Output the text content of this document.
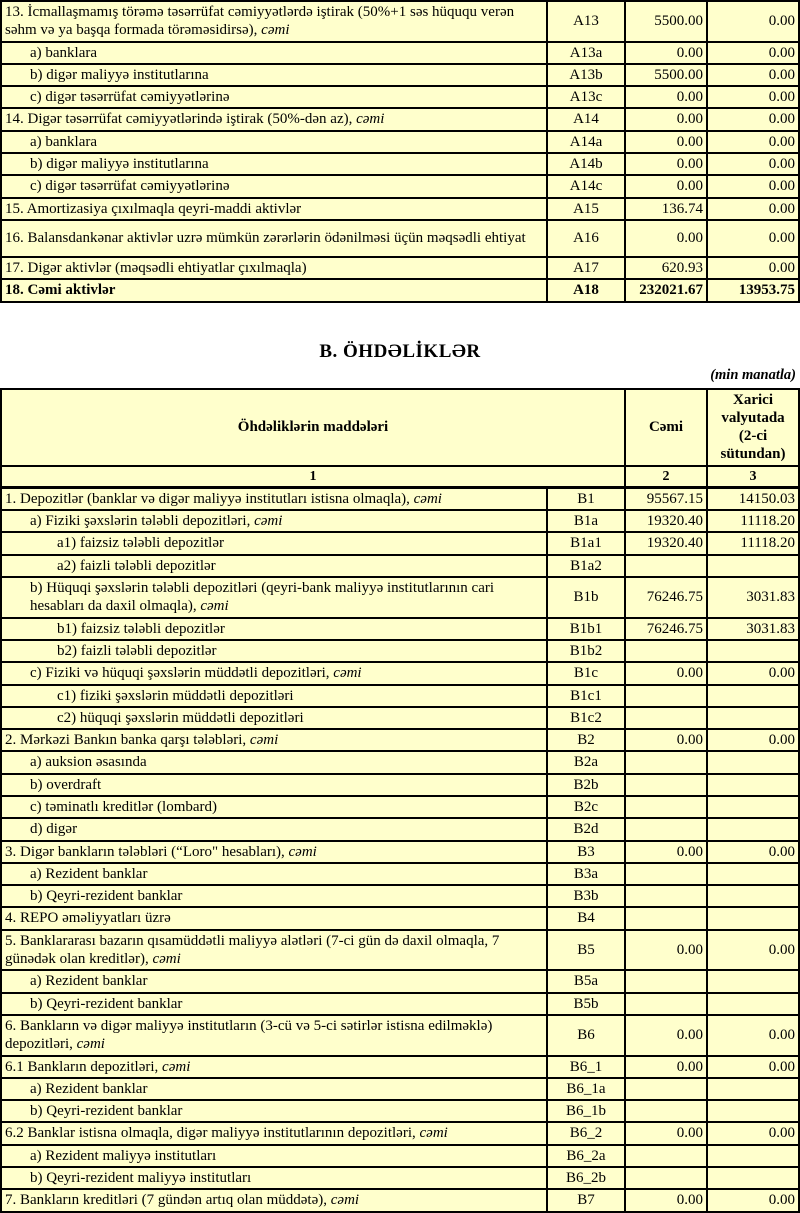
13. İcmallaşmamış törəmə təsərrüfat cəmiyyətlərdə iştirak (50%+1 səs hüququ verən səhm və ya başqa formada törəməsidirsə), cəmi	A13	5500.00	0.00
a) banklara	A13a	0.00	0.00
b) digər maliyyə institutlarına	A13b	5500.00	0.00
c) digər təsərrüfat cəmiyyətlərinə	A13c	0.00	0.00
14. Digər təsərrüfat cəmiyyətlərində iştirak (50%-dən az), cəmi	A14	0.00	0.00
a) banklara	A14a	0.00	0.00
b) digər maliyyə institutlarına	A14b	0.00	0.00
c) digər təsərrüfat cəmiyyətlərinə	A14c	0.00	0.00
15. Amortizasiya çıxılmaqla qeyri-maddi aktivlər	A15	136.74	0.00
16. Balansdankənar aktivlər uzrə mümkün zərərlərin ödənilməsi üçün məqsədli ehtiyat	A16	0.00	0.00
17. Digər aktivlər (məqsədli ehtiyatlar çıxılmaqla)	A17	620.93	0.00
18. Cəmi aktivlər	A18	232021.67	13953.75
B. ÖHDƏLİKLƏR
(min manatla)
Öhdəliklərin maddələri		Cəmi	Xarici valyutada (2-ci sütundan)
1		2	3
1. Depozitlər (banklar və digər maliyyə institutları istisna olmaqla), cəmi	B1	95567.15	14150.03
a) Fiziki şəxslərin tələbli depozitləri, cəmi	B1a	19320.40	11118.20
a1) faizsiz tələbli depozitlər	B1a1	19320.40	11118.20
a2) faizli tələbli depozitlər	B1a2		
b) Hüquqi şəxslərin tələbli depozitləri (qeyri-bank maliyyə institutlarının cari hesabları da daxil olmaqla), cəmi	B1b	76246.75	3031.83
b1) faizsiz tələbli depozitlər	B1b1	76246.75	3031.83
b2) faizli tələbli depozitlər	B1b2		
c) Fiziki və hüquqi şəxslərin müddətli depozitləri, cəmi	B1c	0.00	0.00
c1) fiziki şəxslərin müddətli depozitləri	B1c1		
c2) hüquqi şəxslərin müddətli depozitləri	B1c2		
2. Mərkəzi Bankın banka qarşı tələbləri, cəmi	B2	0.00	0.00
a) auksion əsasında	B2a		
b) overdraft	B2b		
c) təminatlı kreditlər (lombard)	B2c		
d) digər	B2d		
3. Digər bankların tələbləri (“Loro" hesabları), cəmi	B3	0.00	0.00
a) Rezident banklar	B3a		
b) Qeyri-rezident banklar	B3b		
4. REPO əməliyyatları üzrə	B4		
5. Banklararası bazarın qısamüddətli maliyyə alətləri (7-ci gün də daxil olmaqla, 7 günədək olan kreditlər), cəmi	B5	0.00	0.00
a) Rezident banklar	B5a		
b) Qeyri-rezident banklar	B5b		
6. Bankların və digər maliyyə institutların (3-cü və 5-ci sətirlər istisna edilməklə) depozitləri, cəmi	B6	0.00	0.00
6.1 Bankların depozitləri, cəmi	B6_1	0.00	0.00
a) Rezident banklar	B6_1a		
b) Qeyri-rezident banklar	B6_1b		
6.2 Banklar istisna olmaqla, digər maliyyə institutlarının depozitləri, cəmi	B6_2	0.00	0.00
a) Rezident maliyyə institutları	B6_2a		
b) Qeyri-rezident maliyyə institutları	B6_2b		
7. Bankların kreditləri (7 gündən artıq olan müddətə), cəmi	B7	0.00	0.00
